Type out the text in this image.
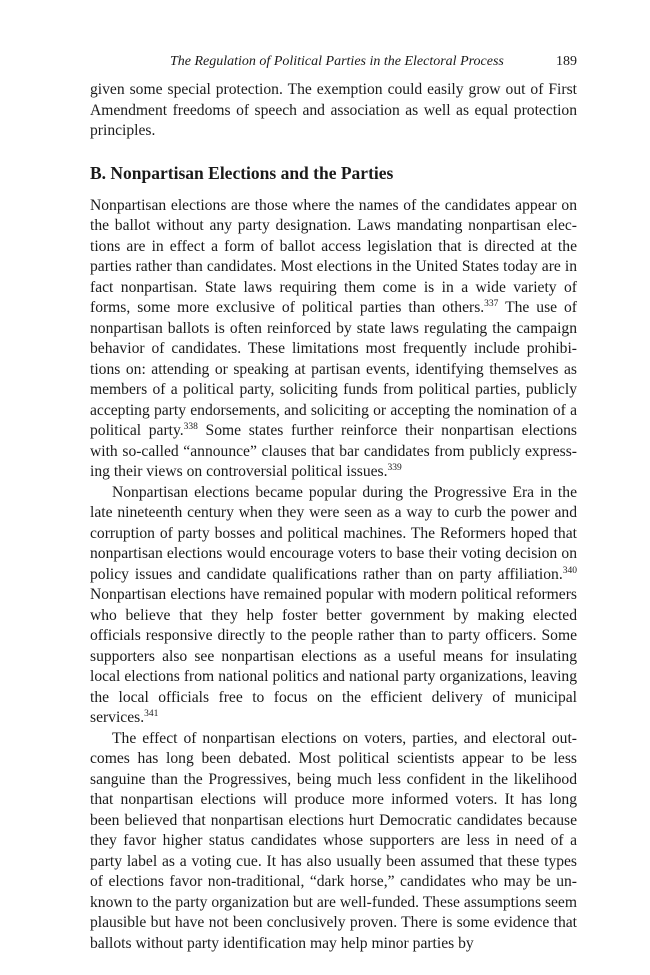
The Regulation of Political Parties in the Electoral Process	189

given some special protection. The exemption could easily grow out of First Amendment freedoms of speech and association as well as equal protection principles.

B. Nonpartisan Elections and the Parties

Nonpartisan elections are those where the names of the candidates appear on the ballot without any party designation. Laws mandating nonpartisan elections are in effect a form of ballot access legislation that is directed at the parties rather than candidates. Most elections in the United States today are in fact nonpartisan. State laws requiring them come is in a wide variety of forms, some more exclusive of political parties than others.$^{337}$ The use of nonpartisan ballots is often reinforced by state laws regulating the campaign behavior of candidates. These limitations most frequently include prohibitions on: attending or speaking at partisan events, identifying themselves as members of a political party, soliciting funds from political parties, publicly accepting party endorsements, and soliciting or accepting the nomination of a political party.$^{338}$ Some states further reinforce their nonpartisan elections with so-called “announce” clauses that bar candidates from publicly expressing their views on controversial political issues.$^{339}$

Nonpartisan elections became popular during the Progressive Era in the late nineteenth century when they were seen as a way to curb the power and corruption of party bosses and political machines. The Reformers hoped that nonpartisan elections would encourage voters to base their voting decision on policy issues and candidate qualifications rather than on party affiliation.$^{340}$ Nonpartisan elections have remained popular with modern political reformers who believe that they help foster better government by making elected officials responsive directly to the people rather than to party officers. Some supporters also see nonpartisan elections as a useful means for insulating local elections from national politics and national party organizations, leaving the local officials free to focus on the efficient delivery of municipal services.$^{341}$

The effect of nonpartisan elections on voters, parties, and electoral outcomes has long been debated. Most political scientists appear to be less sanguine than the Progressives, being much less confident in the likelihood that nonpartisan elections will produce more informed voters. It has long been believed that nonpartisan elections hurt Democratic candidates because they favor higher status candidates whose supporters are less in need of a party label as a voting cue. It has also usually been assumed that these types of elections favor non-traditional, “dark horse,” candidates who may be unknown to the party organization but are well-funded. These assumptions seem plausible but have not been conclusively proven. There is some evidence that ballots without party identification may help minor parties by
